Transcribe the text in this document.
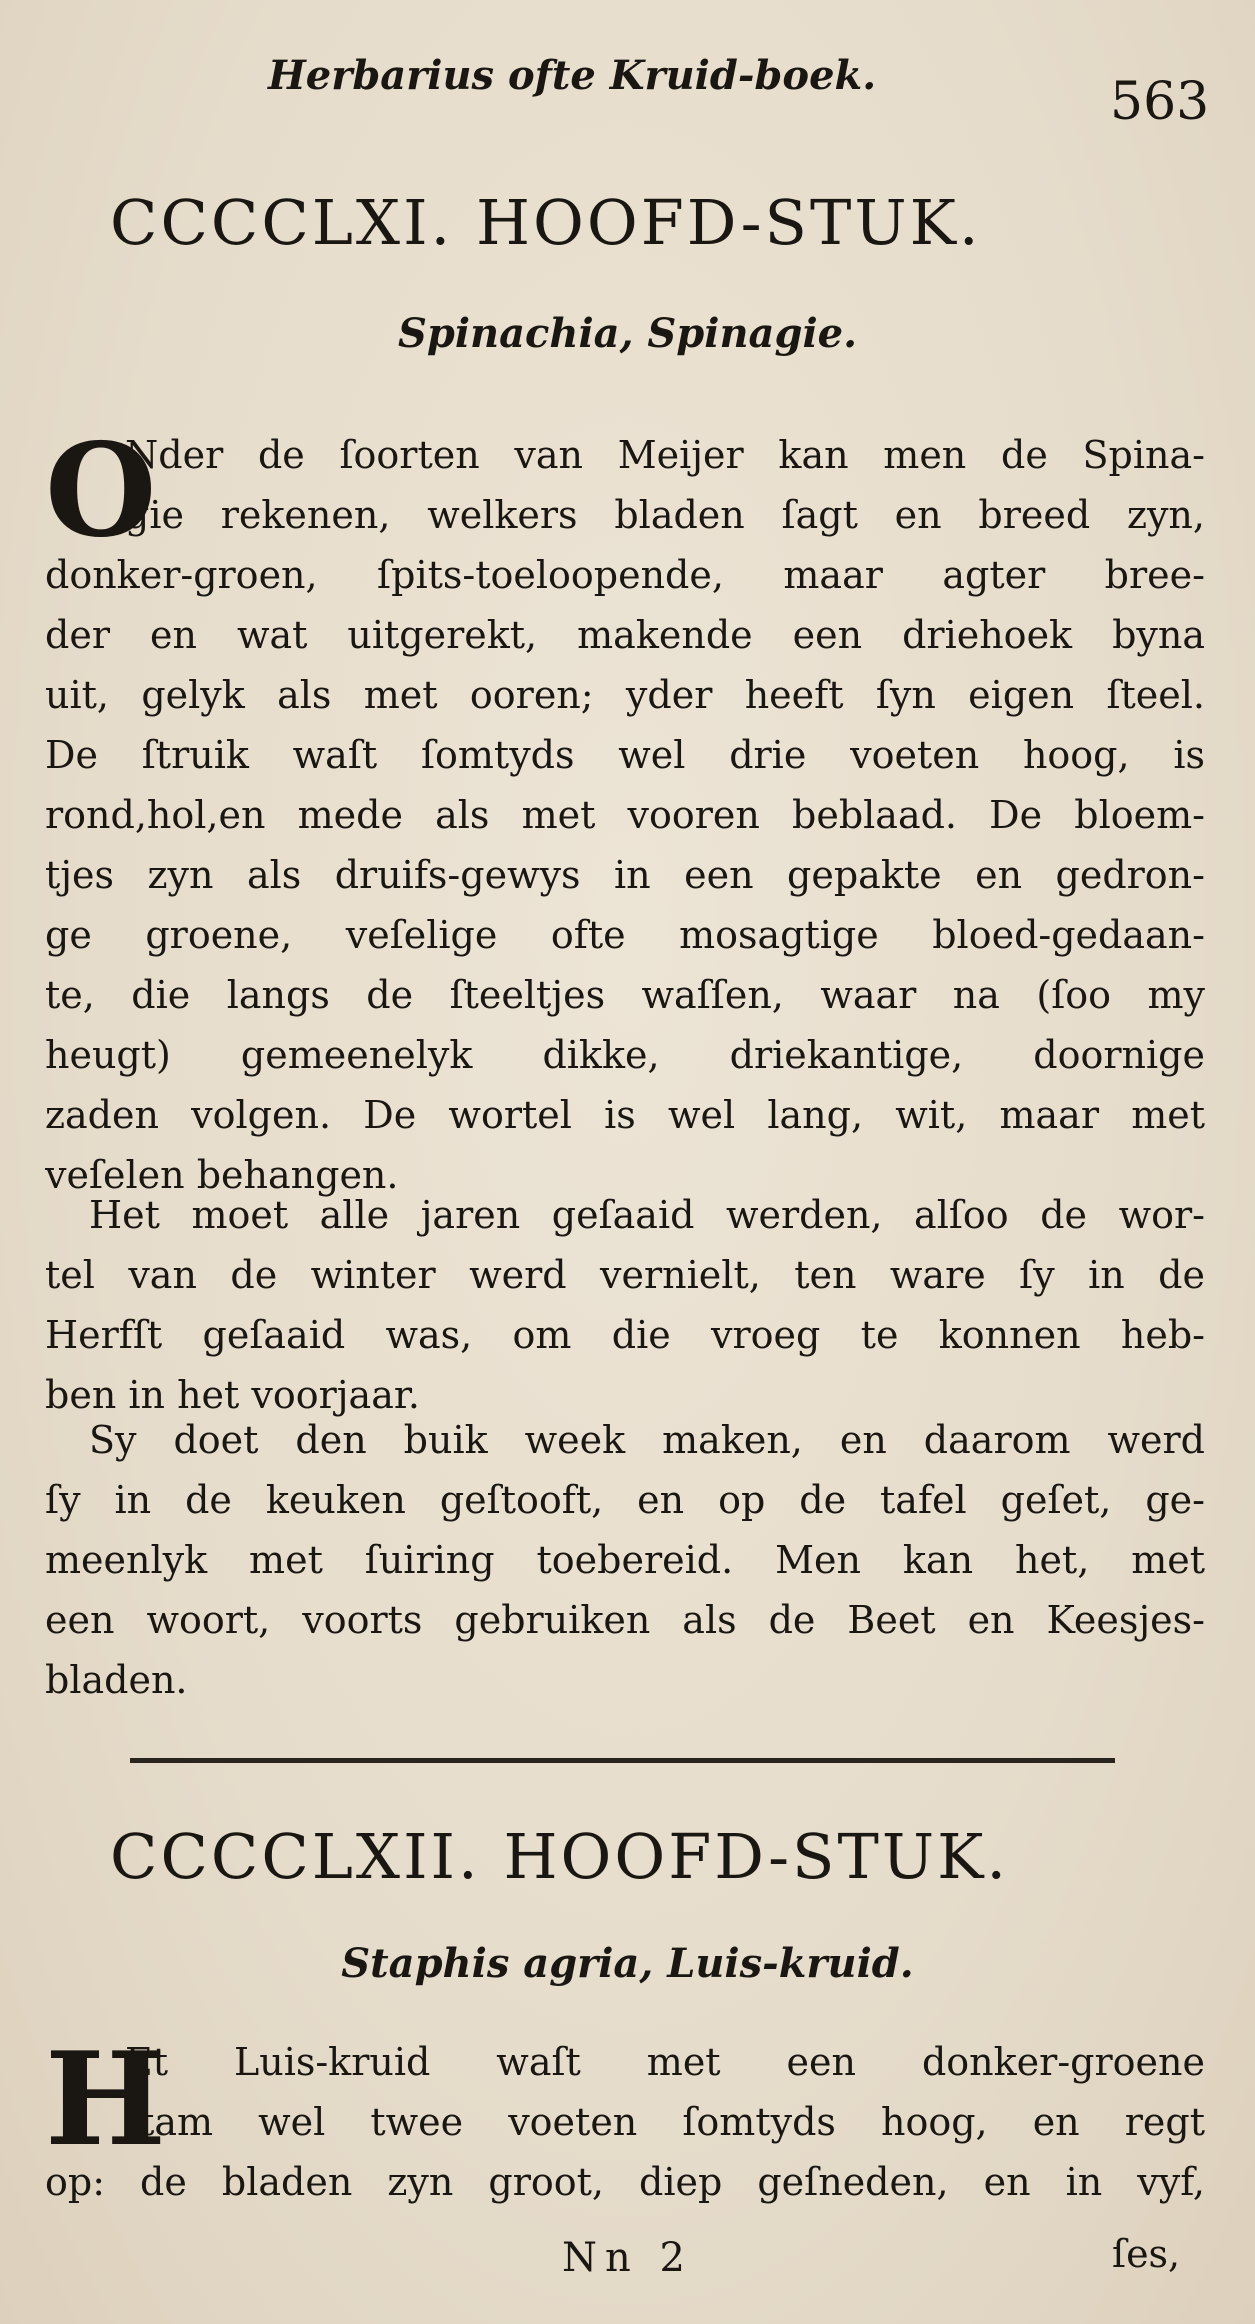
Herbarius ofte Kruid-boek.	563
CCCCLXI. HOOFD-STUK.
Spinachia, Spinagie.
O
Nder de ſoorten van Meijer kan men de Spina-
gie rekenen, welkers bladen ſagt en breed zyn,
donker-groen, ſpits-toeloopende, maar agter bree-
der en wat uitgerekt, makende een driehoek byna
uit, gelyk als met ooren; yder heeft ſyn eigen ſteel.
De ſtruik waſt ſomtyds wel drie voeten hoog, is
rond,hol,en mede als met vooren beblaad. De bloem-
tjes zyn als druifs-gewys in een gepakte en gedron-
ge groene, veſelige ofte mosagtige bloed-gedaan-
te, die langs de ſteeltjes waſſen, waar na (ſoo my
heugt) gemeenelyk dikke, driekantige, doornige
zaden volgen. De wortel is wel lang, wit, maar met
veſelen behangen.
Het moet alle jaren geſaaid werden, alſoo de wor-
tel van de winter werd vernielt, ten ware ſy in de
Herfſt geſaaid was, om die vroeg te konnen heb-
ben in het voorjaar.
Sy doet den buik week maken, en daarom werd
ſy in de keuken geſtooft, en op de tafel geſet, ge-
meenlyk met ſuiring toebereid. Men kan het, met
een woort, voorts gebruiken als de Beet en Keesjes-
bladen.
CCCCLXII. HOOFD-STUK.
Staphis agria, Luis-kruid.
H
Et Luis-kruid waſt met een donker-groene
ſtam wel twee voeten ſomtyds hoog, en regt
op: de bladen zyn groot, diep geſneden, en in vyf,
Nn 2	ſes,
